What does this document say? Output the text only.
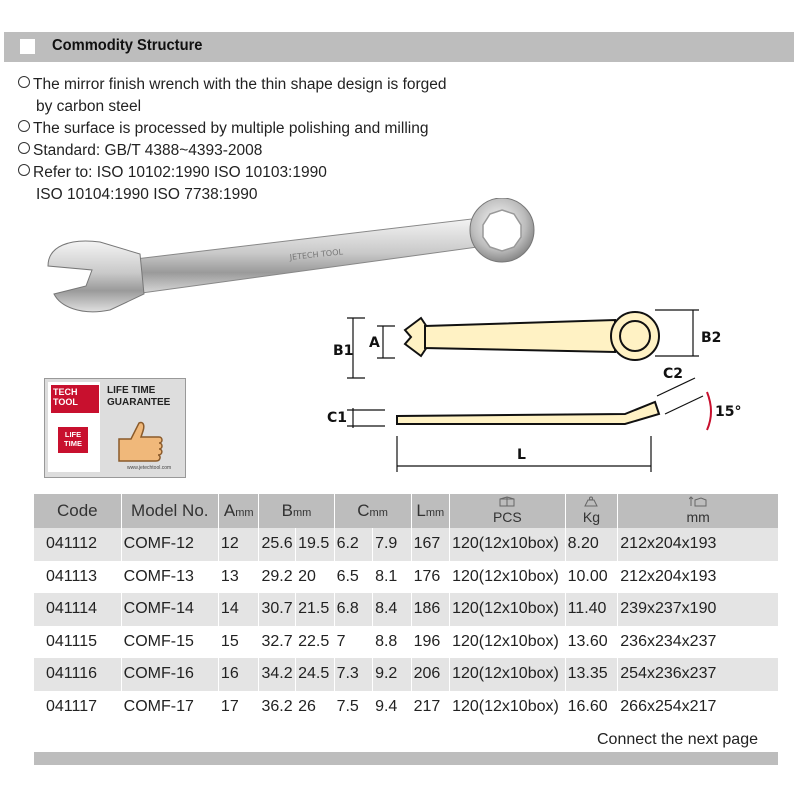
Commodity Structure
The mirror finish wrench with the thin shape design is forged
by carbon steel
The surface is processed by multiple polishing and milling
Standard: GB/T 4388~4393-2008
Refer to: ISO 10102:1990 ISO 10103:1990
ISO 10104:1990 ISO 7738:1990
JETECH TOOL
B1 A	B2
C1
C2
15°
L
TECH
TOOL
LIFE
TIME
LIFE TIME
GUARANTEE
www.jetechtool.com
Code	Model No.	Amm	Bmm		Cmm		Lmm	PCS	Kg	mm
041112	COMF-12	12	25.6	19.5	6.2	7.9	167	120(12x10box)	8.20	212x204x193
041113	COMF-13	13	29.2	20	6.5	8.1	176	120(12x10box)	10.00	212x204x193
041114	COMF-14	14	30.7	21.5	6.8	8.4	186	120(12x10box)	11.40	239x237x190
041115	COMF-15	15	32.7	22.5	7	8.8	196	120(12x10box)	13.60	236x234x237
041116	COMF-16	16	34.2	24.5	7.3	9.2	206	120(12x10box)	13.35	254x236x237
041117	COMF-17	17	36.2	26	7.5	9.4	217	120(12x10box)	16.60	266x254x217
Connect the next page
